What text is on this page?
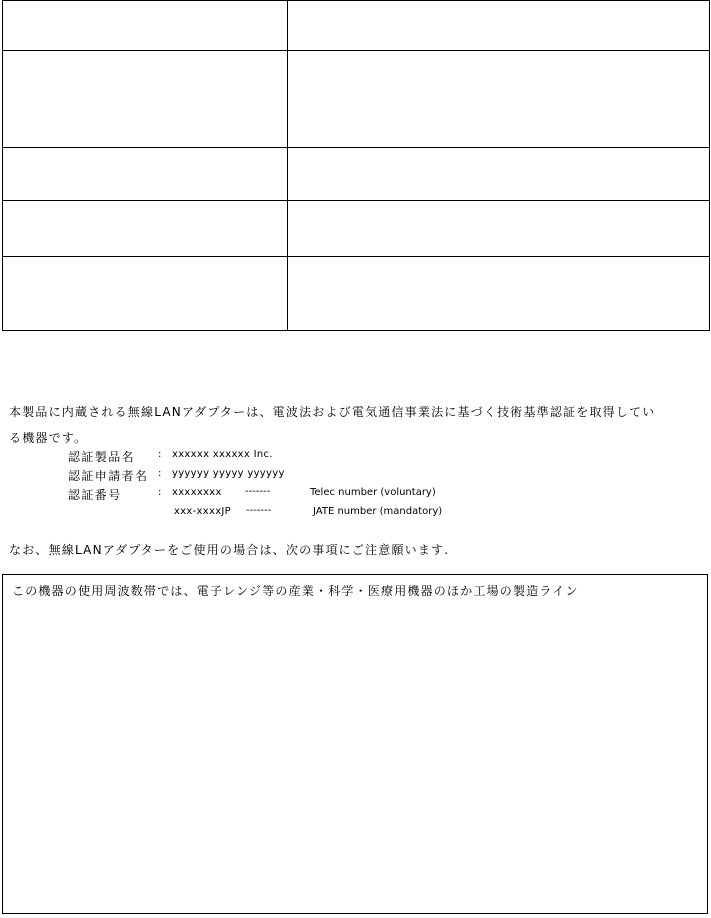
本製品に内蔵される無線LANアダプターは、電波法および電気通信事業法に基づく技術基準認証を取得してい
る機器です。
認証製品名 : xxxxxx xxxxxx Inc.
認証申請者名 : yyyyyy yyyyy yyyyyy
認証番号	: xxxxxxxx -------	Telec number (voluntary)
xxx-xxxxJP -------	JATE number (mandatory)
なお、無線LANアダプターをご使用の場合は、次の事項にご注意願います.
この機器の使用周波数帯では、電子レンジ等の産業・科学・医療用機器のほか工場の製造ライン
